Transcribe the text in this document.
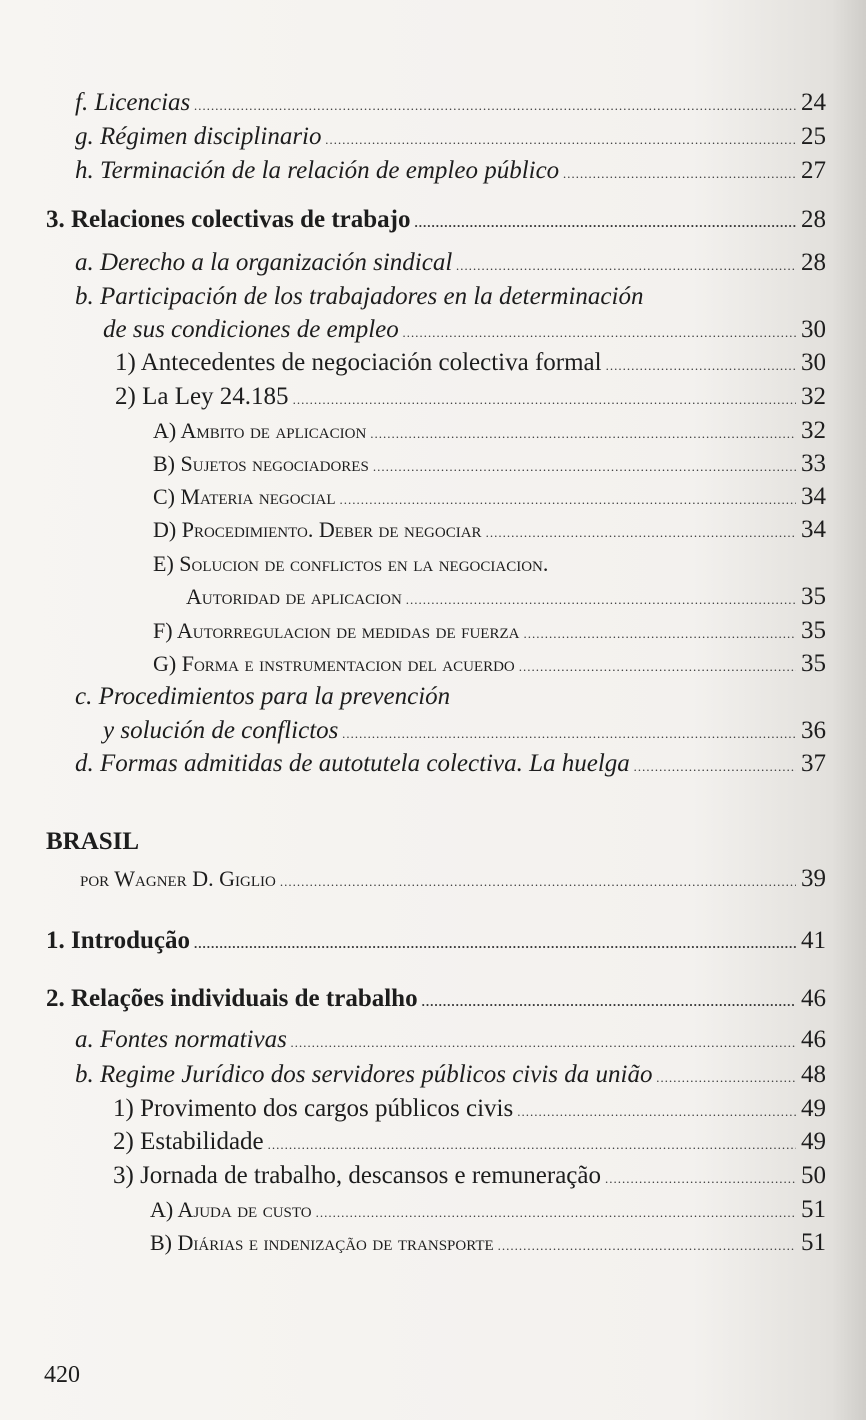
f. Licencias .....	24
g. Régimen disciplinario .....	25
h. Terminación de la relación de empleo público .....	27
3. Relaciones colectivas de trabajo .....	28
a. Derecho a la organización sindical .....	28
b. Participación de los trabajadores en la determinación
de sus condiciones de empleo .....	30
1) Antecedentes de negociación colectiva formal .....	30
2) La Ley 24.185 .....	32
A) Ambito de aplicacion .....	32
B) Sujetos negociadores .....	33
C) Materia negocial .....	34
D) Procedimiento. Deber de negociar .....	34
E) Solucion de conflictos en la negociacion.
Autoridad de aplicacion .....	35
F) Autorregulacion de medidas de fuerza .....	35
G) Forma e instrumentacion del acuerdo .....	35
c. Procedimientos para la prevención
y solución de conflictos .....	36
d. Formas admitidas de autotutela colectiva. La huelga .....	37
BRASIL
por Wagner D. Giglio .....	39
1. Introdução .....	41
2. Relações individuais de trabalho .....	46
a. Fontes normativas .....	46
b. Regime Jurídico dos servidores públicos civis da união .....	48
1) Provimento dos cargos públicos civis .....	49
2) Estabilidade .....	49
3) Jornada de trabalho, descansos e remuneração .....	50
A) Ajuda de custo .....	51
B) Diárias e indenização de transporte .....	51
420
